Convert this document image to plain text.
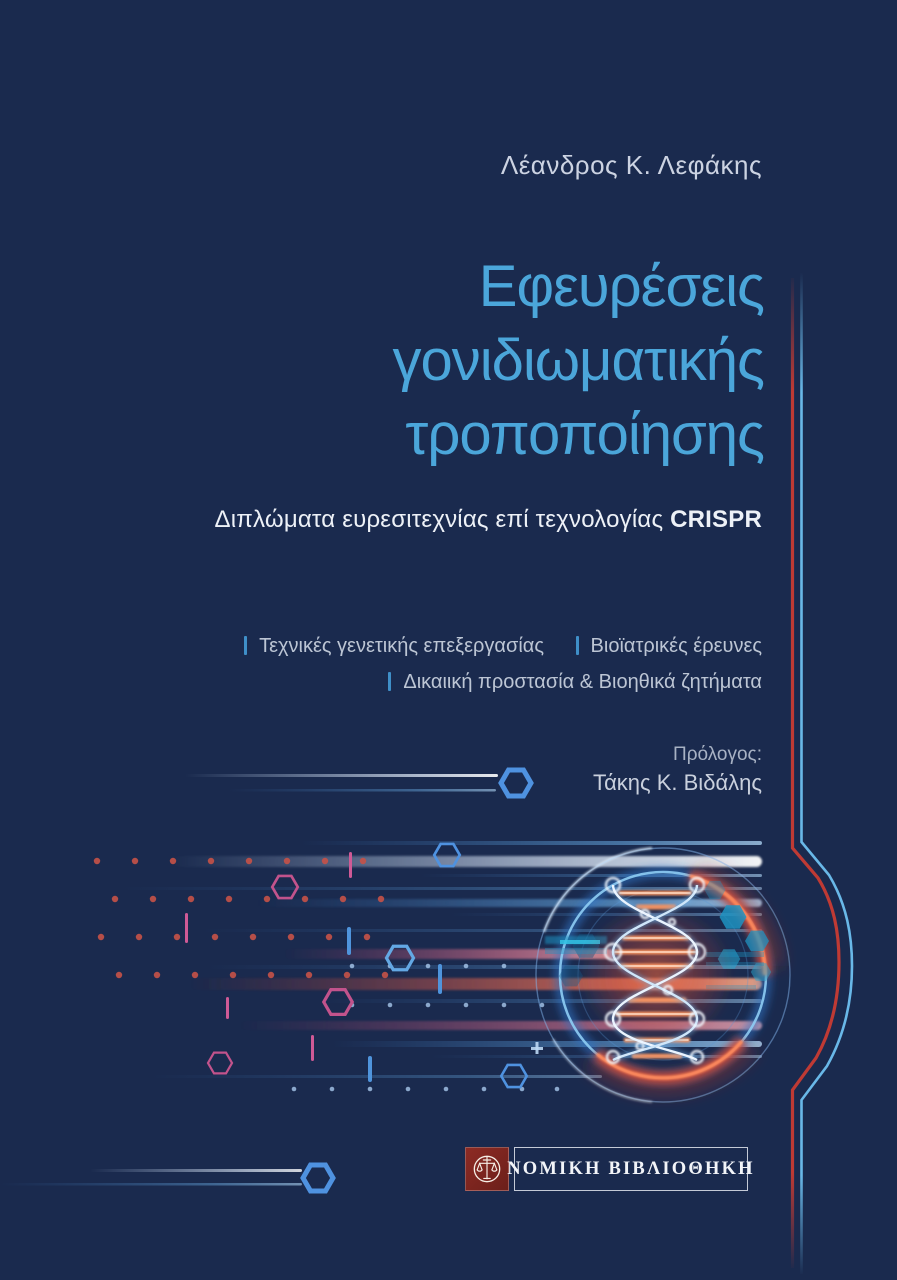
Λέανδρος Κ. Λεφάκης
Εφευρέσεις
γονιδιωματικής
τροποποίησης
Διπλώματα ευρεσιτεχνίας επί τεχνολογίας CRISPR
Τεχνικές γενετικής επεξεργασίας Βιοϊατρικές έρευνες
Δικαιική προστασία & Βιοηθικά ζητήματα
Πρόλογος:
Τάκης Κ. Βιδάλης
ΝΟΜΙΚΗ ΒΙΒΛΙΟΘΗΚΗ
